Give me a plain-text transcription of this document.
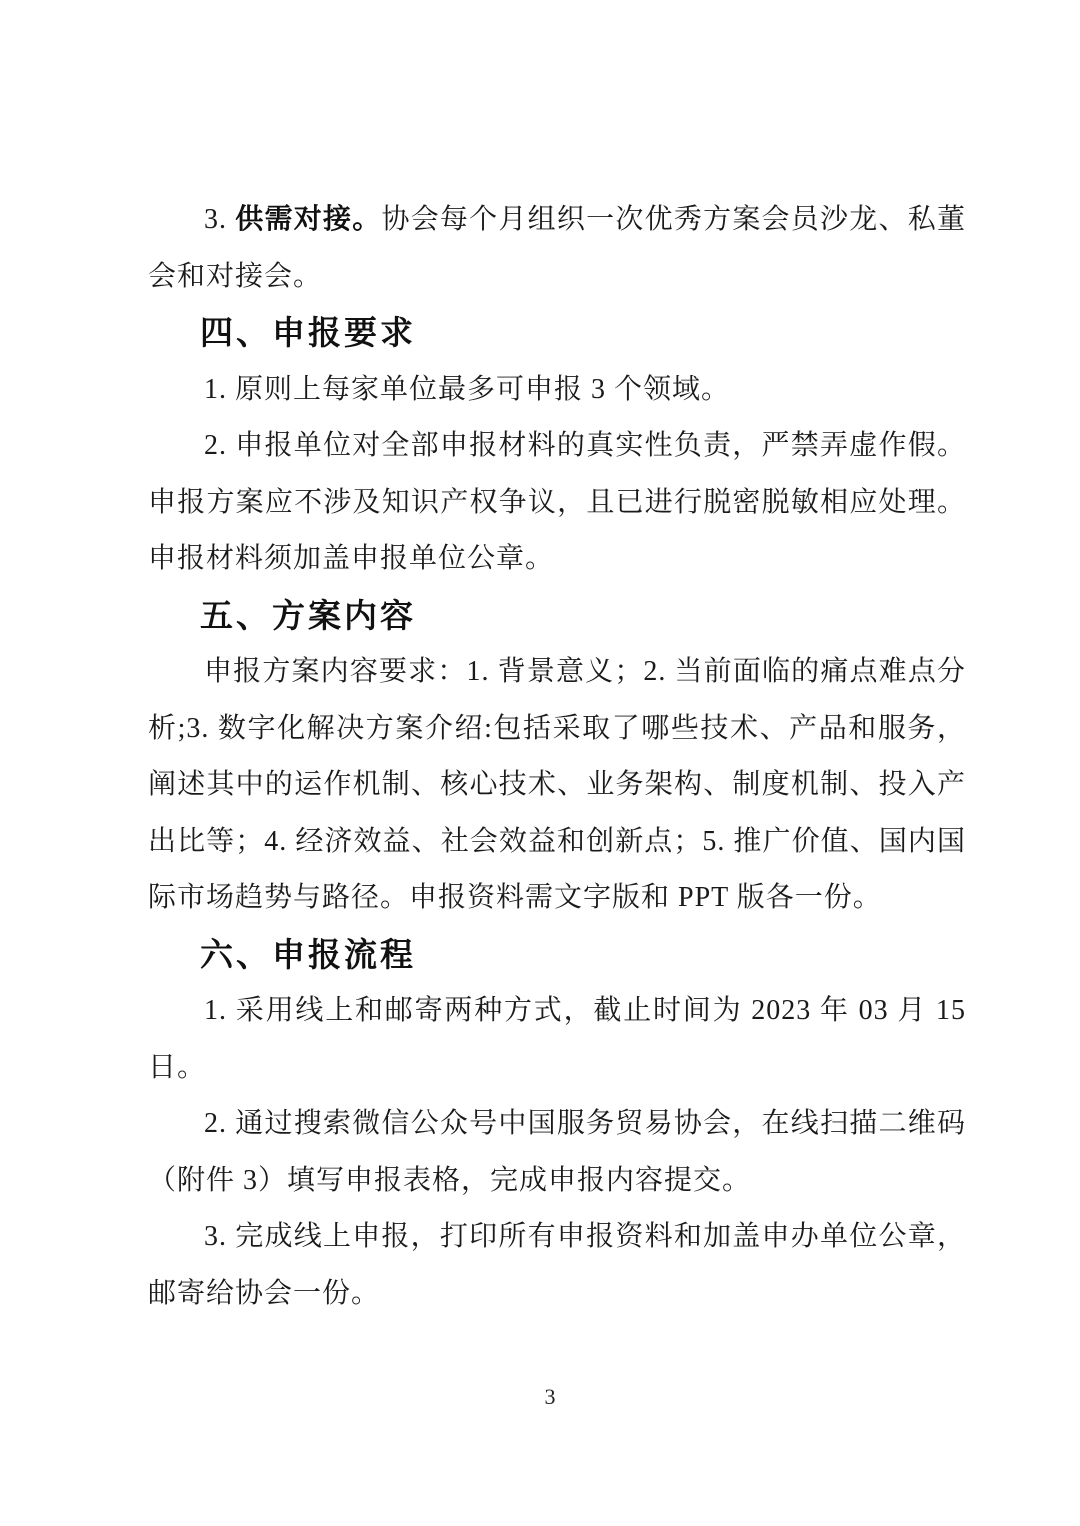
3. 供需对接。协会每个月组织一次优秀方案会员沙龙、私董会和对接会。

四、申报要求

1. 原则上每家单位最多可申报 3 个领域。

2. 申报单位对全部申报材料的真实性负责，严禁弄虚作假。申报方案应不涉及知识产权争议，且已进行脱密脱敏相应处理。申报材料须加盖申报单位公章。

五、方案内容

申报方案内容要求：1. 背景意义；2. 当前面临的痛点难点分析;3. 数字化解决方案介绍:包括采取了哪些技术、产品和服务，阐述其中的运作机制、核心技术、业务架构、制度机制、投入产出比等；4. 经济效益、社会效益和创新点；5. 推广价值、国内国际市场趋势与路径。申报资料需文字版和 PPT 版各一份。

六、申报流程

1. 采用线上和邮寄两种方式，截止时间为 2023 年 03 月 15 日。

2. 通过搜索微信公众号中国服务贸易协会，在线扫描二维码（附件 3）填写申报表格，完成申报内容提交。

3. 完成线上申报，打印所有申报资料和加盖申办单位公章，邮寄给协会一份。

3
